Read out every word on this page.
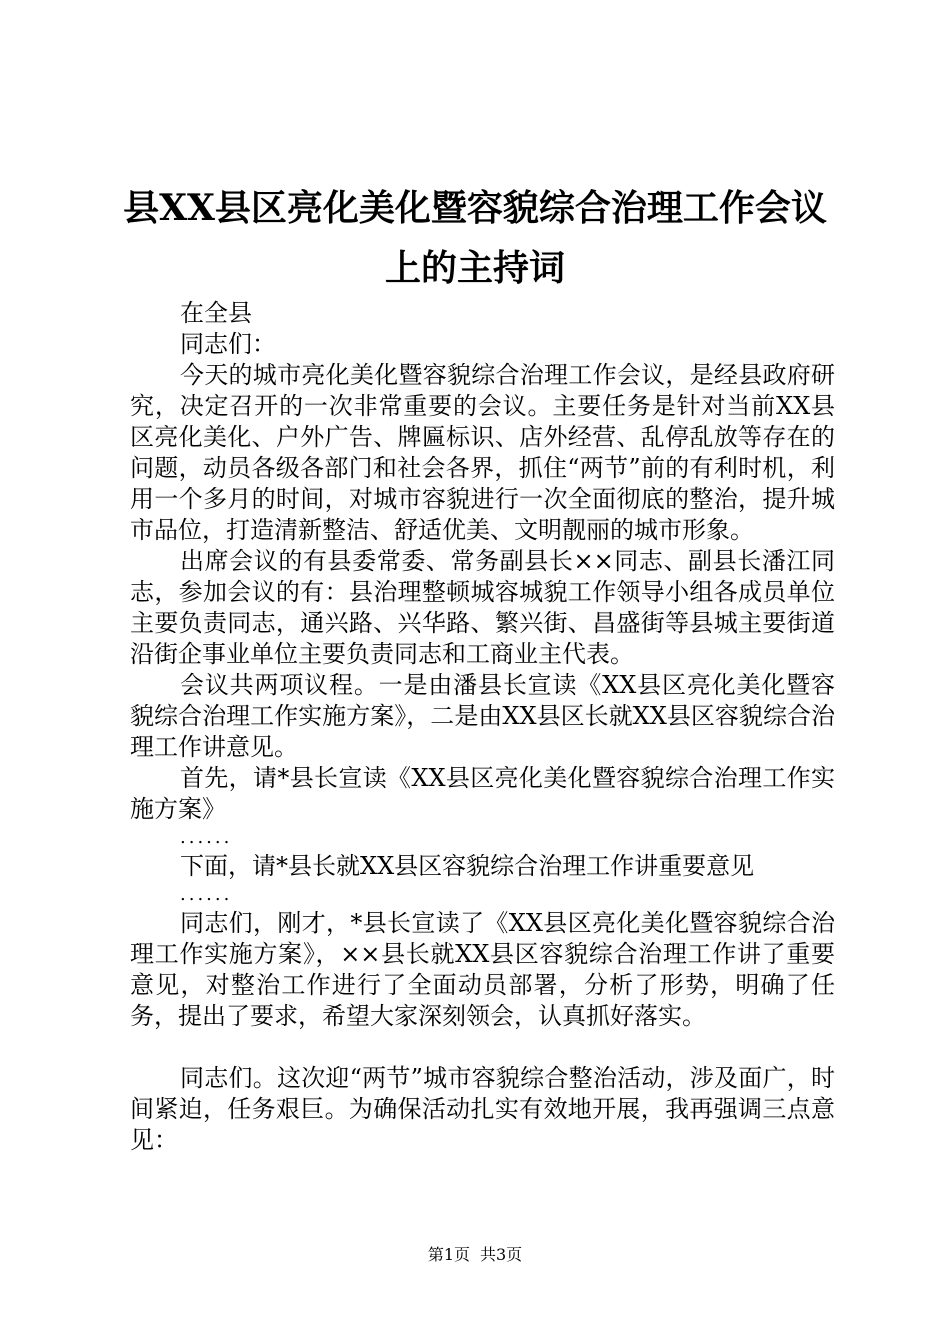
县XX县区亮化美化暨容貌综合治理工作会议
上的主持词

在全县

同志们：

今天的城市亮化美化暨容貌综合治理工作会议，是经县政府研究，决定召开的一次非常重要的会议。主要任务是针对当前XX县区亮化美化、户外广告、牌匾标识、店外经营、乱停乱放等存在的问题，动员各级各部门和社会各界，抓住“两节”前的有利时机，利用一个多月的时间，对城市容貌进行一次全面彻底的整治，提升城市品位，打造清新整洁、舒适优美、文明靓丽的城市形象。

出席会议的有县委常委、常务副县长××同志、副县长潘江同志，参加会议的有：县治理整顿城容城貌工作领导小组各成员单位主要负责同志，通兴路、兴华路、繁兴街、昌盛街等县城主要街道沿街企事业单位主要负责同志和工商业主代表。

会议共两项议程。一是由潘县长宣读《XX县区亮化美化暨容貌综合治理工作实施方案》，二是由XX县区长就XX县区容貌综合治理工作讲意见。

首先，请*县长宣读《XX县区亮化美化暨容貌综合治理工作实施方案》

......

下面，请*县长就XX县区容貌综合治理工作讲重要意见

......

同志们，刚才，*县长宣读了《XX县区亮化美化暨容貌综合治理工作实施方案》，××县长就XX县区容貌综合治理工作讲了重要意见，对整治工作进行了全面动员部署，分析了形势，明确了任务，提出了要求，希望大家深刻领会，认真抓好落实。

同志们。这次迎“两节”城市容貌综合整治活动，涉及面广，时间紧迫，任务艰巨。为确保活动扎实有效地开展，我再强调三点意见：

第1页 共3页
